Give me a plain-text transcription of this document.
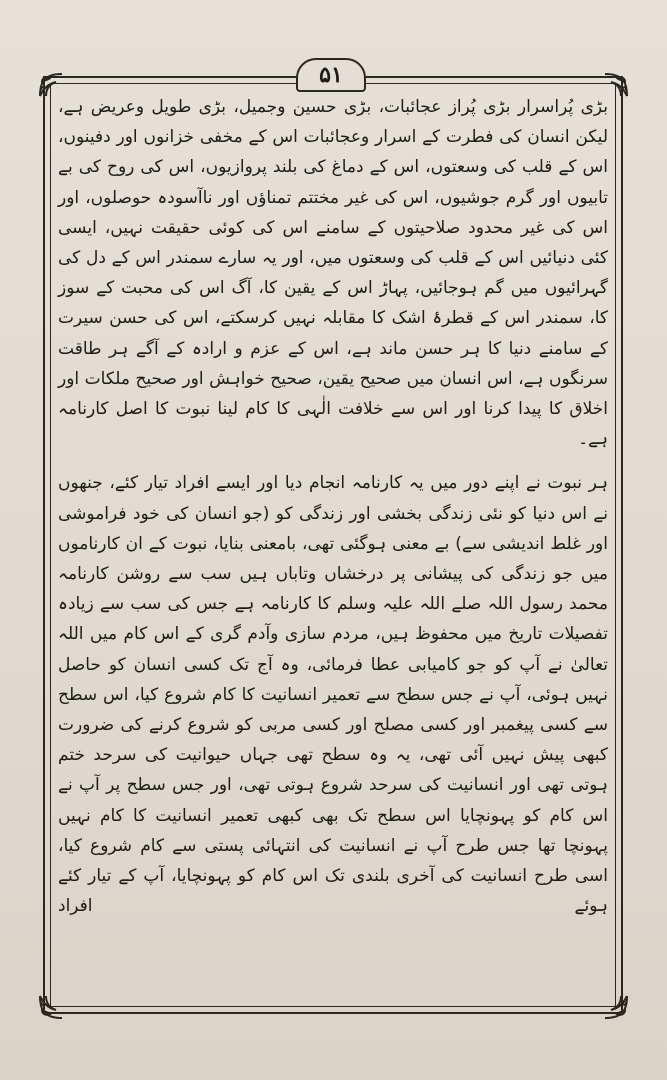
۵۱

بڑی پُراسرار بڑی پُراز عجائبات، بڑی حسین وجمیل، بڑی طویل وعریض ہے، لیکن انسان کی فطرت کے اسرار وعجائبات اس کے مخفی خزانوں اور دفینوں، اس کے قلب کی وسعتوں، اس کے دماغ کی بلند پروازیوں، اس کی روح کی بے تابیوں اور گرم جوشیوں، اس کی غیر مختتم تمناؤں اور ناآسودہ حوصلوں، اور اس کی غیر محدود صلاحیتوں کے سامنے اس کی کوئی حقیقت نہیں، ایسی کئی دنیائیں اس کے قلب کی وسعتوں میں، اور یہ سارے سمندر اس کے دل کی گہرائیوں میں گم ہوجائیں، پہاڑ اس کے یقین کا، آگ اس کی محبت کے سوز کا، سمندر اس کے قطرۂ اشک کا مقابلہ نہیں کرسکتے، اس کی حسن سیرت کے سامنے دنیا کا ہر حسن ماند ہے، اس کے عزم و ارادہ کے آگے ہر طاقت سرنگوں ہے، اس انسان میں صحیح یقین، صحیح خواہش اور صحیح ملکات اور اخلاق کا پیدا کرنا اور اس سے خلافت الٰہی کا کام لینا نبوت کا اصل کارنامہ ہے۔

ہر نبوت نے اپنے دور میں یہ کارنامہ انجام دیا اور ایسے افراد تیار کئے، جنھوں نے اس دنیا کو نئی زندگی بخشی اور زندگی کو (جو انسان کی خود فراموشی اور غلط اندیشی سے) بے معنی ہوگئی تھی، بامعنی بنایا، نبوت کے ان کارناموں میں جو زندگی کی پیشانی پر درخشاں وتاباں ہیں سب سے روشن کارنامہ محمد رسول اللہ صلے اللہ علیہ وسلم کا کارنامہ ہے جس کی سب سے زیادہ تفصیلات تاریخ میں محفوظ ہیں، مردم سازی وآدم گری کے اس کام میں اللہ تعالیٰ نے آپ کو جو کامیابی عطا فرمائی، وہ آج تک کسی انسان کو حاصل نہیں ہوئی، آپ نے جس سطح سے تعمیر انسانیت کا کام شروع کیا، اس سطح سے کسی پیغمبر اور کسی مصلح اور کسی مربی کو شروع کرنے کی ضرورت کبھی پیش نہیں آئی تھی، یہ وہ سطح تھی جہاں حیوانیت کی سرحد ختم ہوتی تھی اور انسانیت کی سرحد شروع ہوتی تھی، اور جس سطح پر آپ نے اس کام کو پہونچایا اس سطح تک بھی کبھی تعمیر انسانیت کا کام نہیں پہونچا تھا جس طرح آپ نے انسانیت کی انتہائی پستی سے کام شروع کیا، اسی طرح انسانیت کی آخری بلندی تک اس کام کو پہونچایا، آپ کے تیار کئے ہوئے افراد
